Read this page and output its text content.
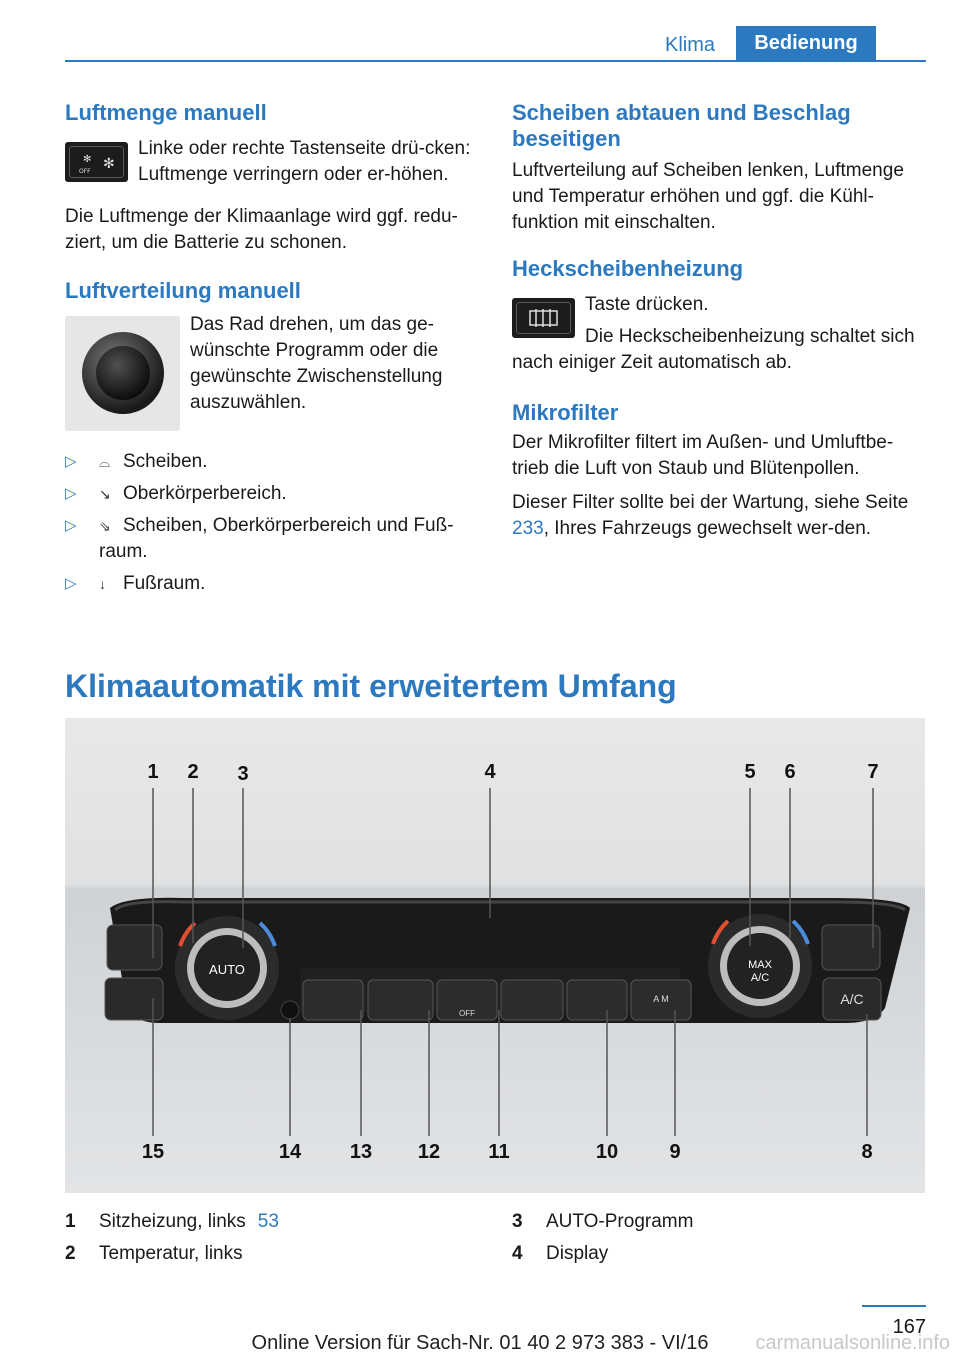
Klima	Bedienung
Luftmenge manuell
✻
OFF ✻

Linke oder rechte Tastenseite drü-cken: Luftmenge verringern oder er-höhen.

Die Luftmenge der Klimaanlage wird ggf. redu-ziert, um die Batterie zu schonen.

Luftverteilung manuell

Das Rad drehen, um das ge-wünschte Programm oder die gewünschte Zwischenstellung auszuwählen.

▷ ⌓ Scheiben.
▷ ↘ Oberkörperbereich.
▷ ⇘ Scheiben, Oberkörperbereich und Fuß-raum.
▷ ↓ Fußraum.
Scheiben abtauen und Beschlag beseitigen

Luftverteilung auf Scheiben lenken, Luftmenge und Temperatur erhöhen und ggf. die Kühl-funktion mit einschalten.

Heckscheibenheizung

Taste drücken.

Die Heckscheibenheizung schaltet sich nach einiger Zeit automatisch ab.

Mikrofilter

Der Mikrofilter filtert im Außen- und Umluftbe-trieb die Luft von Staub und Blütenpollen.

Dieser Filter sollte bei der Wartung, siehe Seite 233, Ihres Fahrzeugs gewechselt wer-den.

Klimaautomatik mit erweitertem Umfang
AUTO
OFF
A M
MAX
A/C
A/C
1 2 3	4	5 6	7
8
9
10
11
12
13
14
15
1 Sitzheizung, links 53
2 Temperatur, links
3 AUTO-Programm
4 Display
167
Online Version für Sach-Nr. 01 40 2 973 383 - VI/16	carmanualsonline.info
